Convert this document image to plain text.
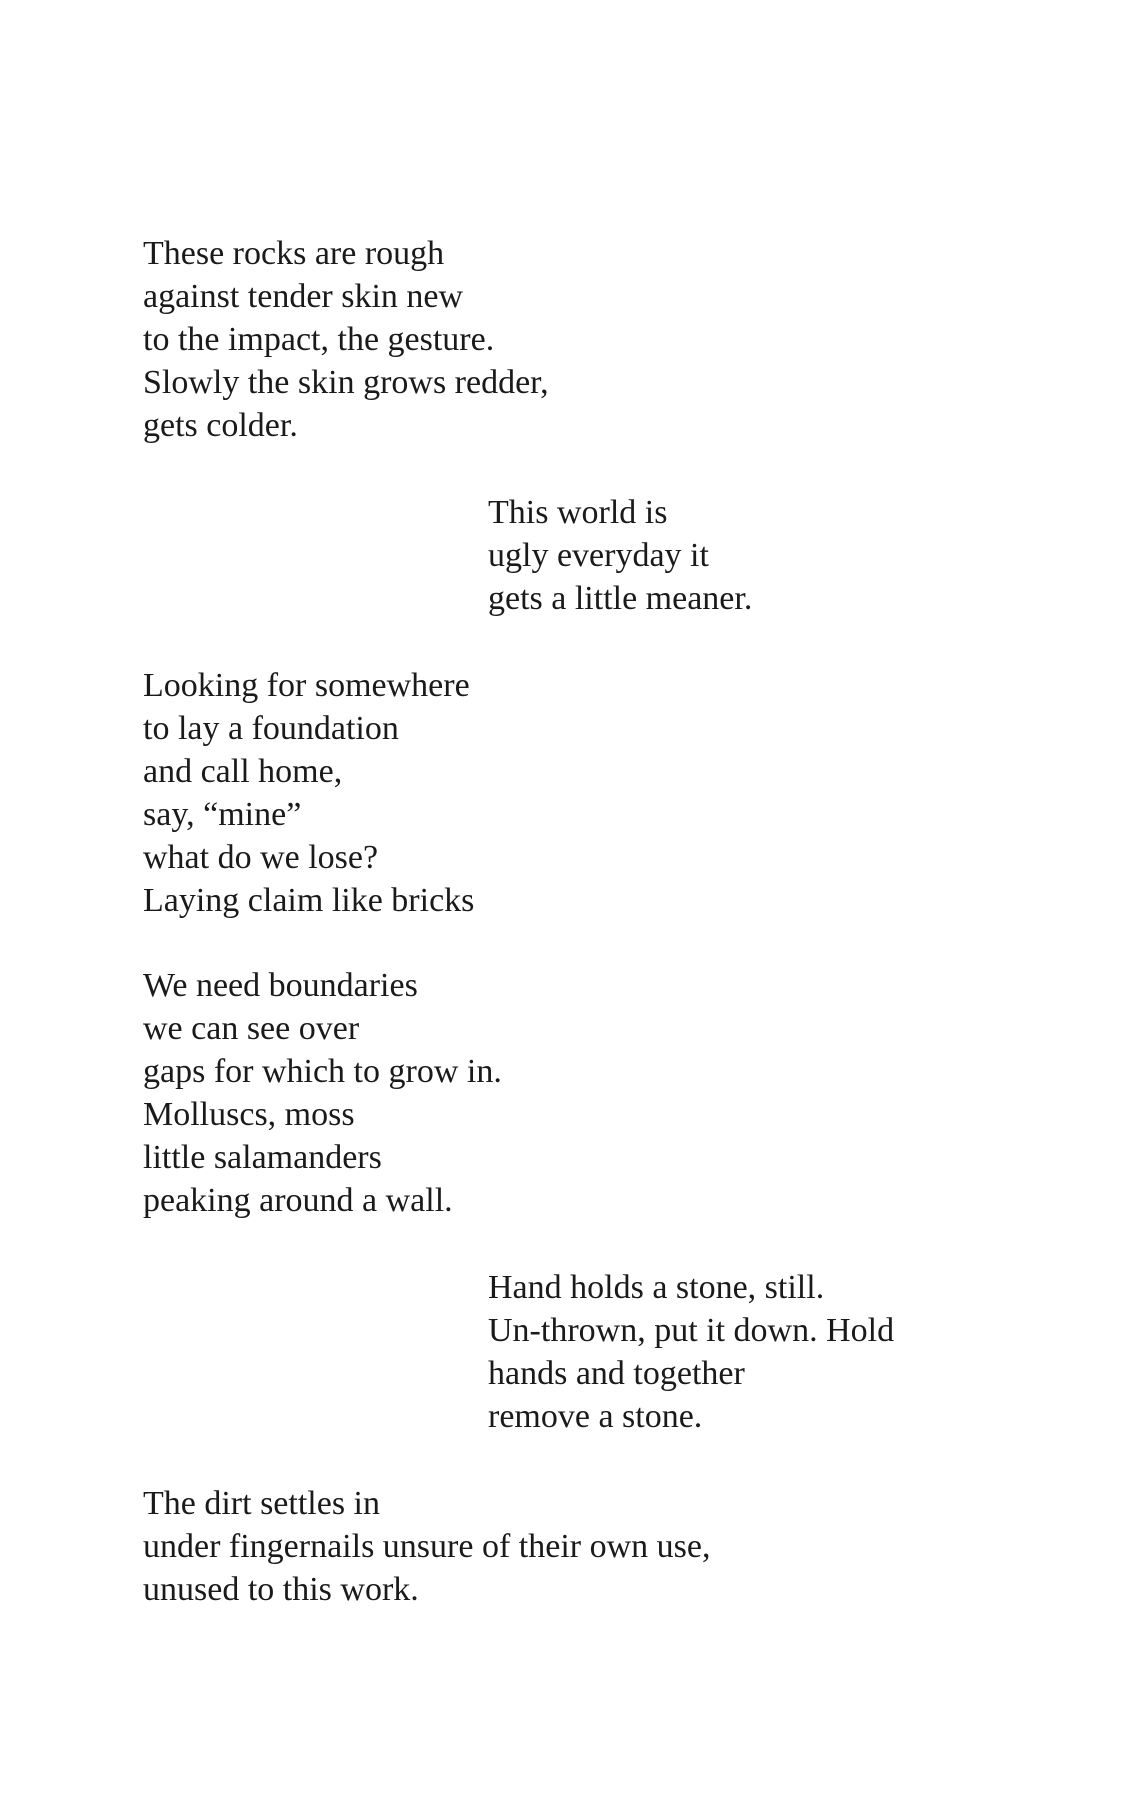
These rocks are rough
against tender skin new
to the impact, the gesture.
Slowly the skin grows redder,
gets colder.
This world is
ugly everyday it
gets a little meaner.
Looking for somewhere
to lay a foundation
and call home,
say, “mine”
what do we lose?
Laying claim like bricks
We need boundaries
we can see over
gaps for which to grow in.
Molluscs, moss
little salamanders
peaking around a wall.
Hand holds a stone, still.
Un-thrown, put it down. Hold
hands and together
remove a stone.
The dirt settles in
under fingernails unsure of their own use,
unused to this work.
